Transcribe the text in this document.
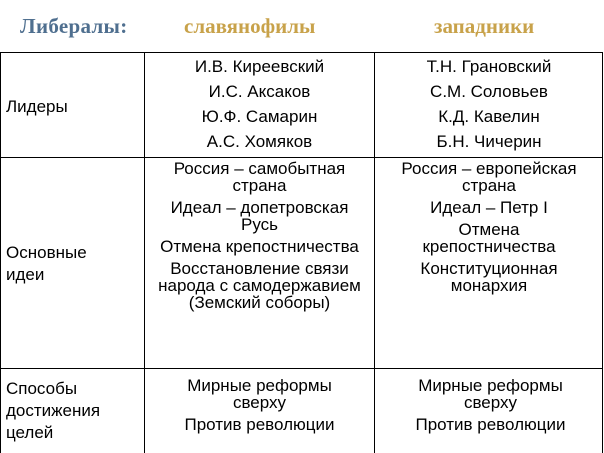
Либералы:	славянофилы	западники
Лидеры
И.В. Киреевский
И.С. Аксаков
Ю.Ф. Самарин
А.С. Хомяков
Т.Н. Грановский
С.М. Соловьев
К.Д. Кавелин
Б.Н. Чичерин
Основные
идеи
Россия – самобытная страна
Идеал – допетровская Русь
Отмена крепостничества
Восстановление связи народа с самодержавием (Земский соборы)
Россия – европейская страна
Идеал – Петр I
Отмена крепостничества
Конституционная монархия
Способы
достижения
целей
Мирные реформы сверху
Против революции
Мирные реформы сверху
Против революции
